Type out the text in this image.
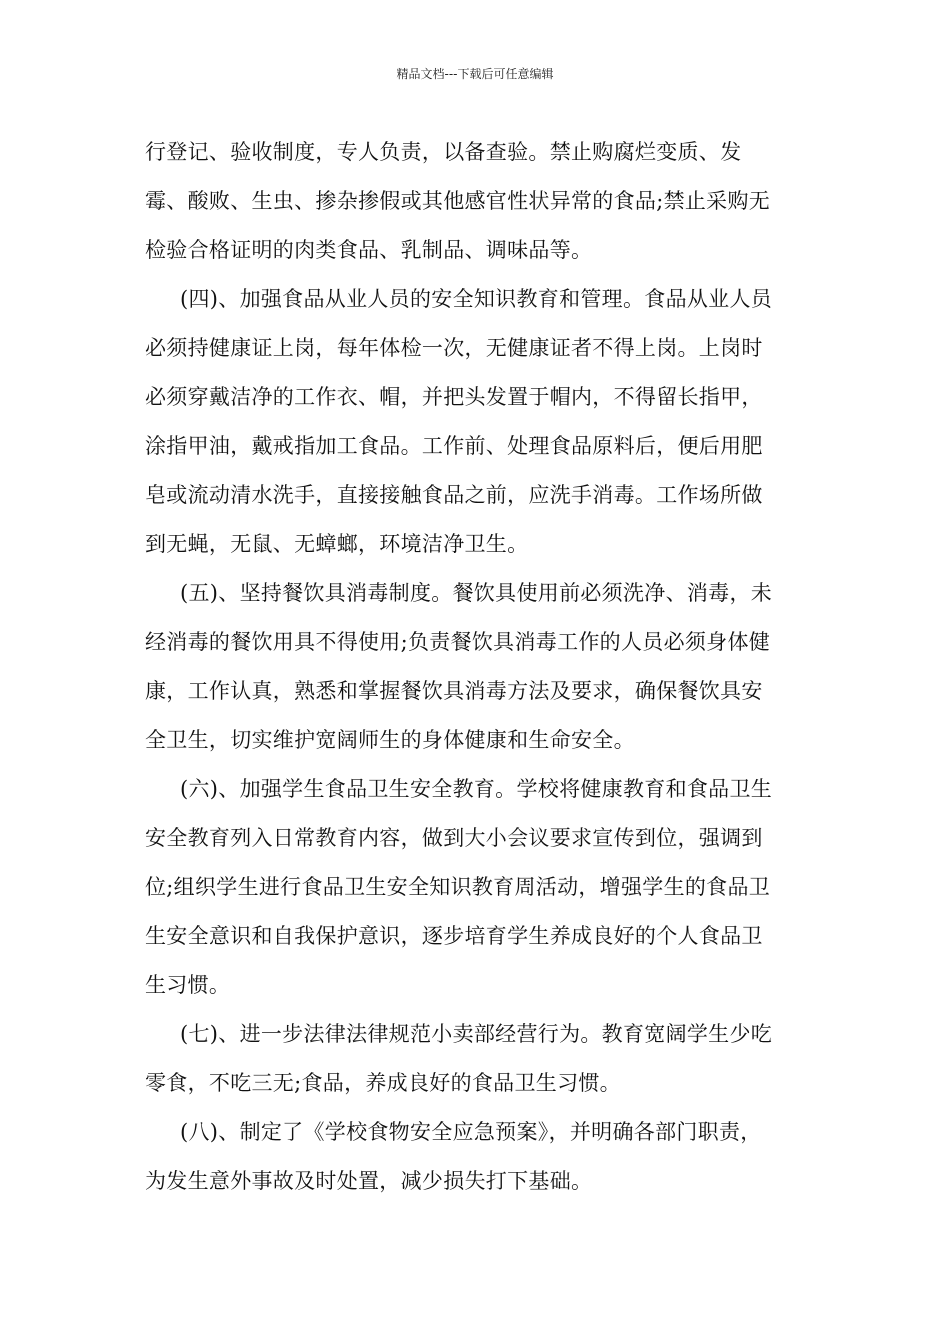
精品文档---下载后可任意编辑
行登记、验收制度，专人负责，以备查验。禁止购腐烂变质、发
霉、酸败、生虫、掺杂掺假或其他感官性状异常的食品;禁止采购无
检验合格证明的肉类食品、乳制品、调味品等。
(四)、加强食品从业人员的安全知识教育和管理。食品从业人员
必须持健康证上岗，每年体检一次，无健康证者不得上岗。上岗时
必须穿戴洁净的工作衣、帽，并把头发置于帽内，不得留长指甲，
涂指甲油，戴戒指加工食品。工作前、处理食品原料后，便后用肥
皂或流动清水洗手，直接接触食品之前，应洗手消毒。工作场所做
到无蝇，无鼠、无蟑螂，环境洁净卫生。
(五)、坚持餐饮具消毒制度。餐饮具使用前必须洗净、消毒，未
经消毒的餐饮用具不得使用;负责餐饮具消毒工作的人员必须身体健
康，工作认真，熟悉和掌握餐饮具消毒方法及要求，确保餐饮具安
全卫生，切实维护宽阔师生的身体健康和生命安全。
(六)、加强学生食品卫生安全教育。学校将健康教育和食品卫生
安全教育列入日常教育内容，做到大小会议要求宣传到位，强调到
位;组织学生进行食品卫生安全知识教育周活动，增强学生的食品卫
生安全意识和自我保护意识，逐步培育学生养成良好的个人食品卫
生习惯。
(七)、进一步法律法律规范小卖部经营行为。教育宽阔学生少吃
零食，不吃三无;食品，养成良好的食品卫生习惯。
(八)、制定了《学校食物安全应急预案》，并明确各部门职责，
为发生意外事故及时处置，减少损失打下基础。
